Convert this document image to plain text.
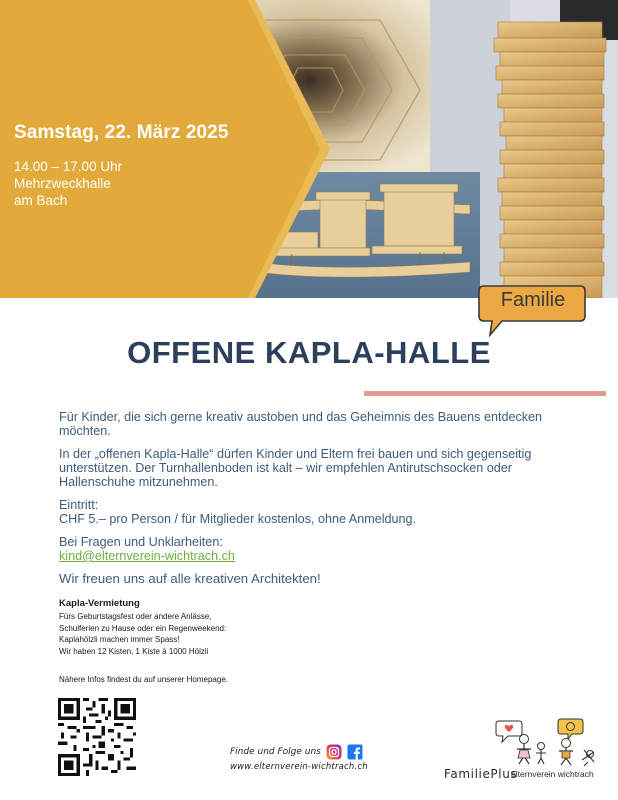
Samstag, 22. März 2025
14.00 – 17.00 Uhr
Mehrzweckhalle
am Bach
Familie
OFFENE KAPLA-HALLE

Für Kinder, die sich gerne kreativ austoben und das Geheimnis des Bauens entdecken möchten.

In der „offenen Kapla-Halle“ dürfen Kinder und Eltern frei bauen und sich gegenseitig unterstützen. Der Turnhallenboden ist kalt – wir empfehlen Antirutschsocken oder Hallenschuhe mitzunehmen.

Eintritt:
CHF 5.– pro Person / für Mitglieder kostenlos, ohne Anmeldung.

Bei Fragen und Unklarheiten:
kind@elternverein-wichtrach.ch

Wir freuen uns auf alle kreativen Architekten!

Kapla-Vermietung

Fürs Geburtstagsfest oder andere Anlässe,

Schulferien zu Hause oder ein Regenweekend:

Kaplahölzli machen immer Spass!

Wir haben 12 Kisten, 1 Kiste à 1000 Hölzli

Nähere Infos findest du auf unserer Homepage.
Finde und Folge uns
www.elternverein-wichtrach.ch	FamiliePlus
elternverein wichtrach
